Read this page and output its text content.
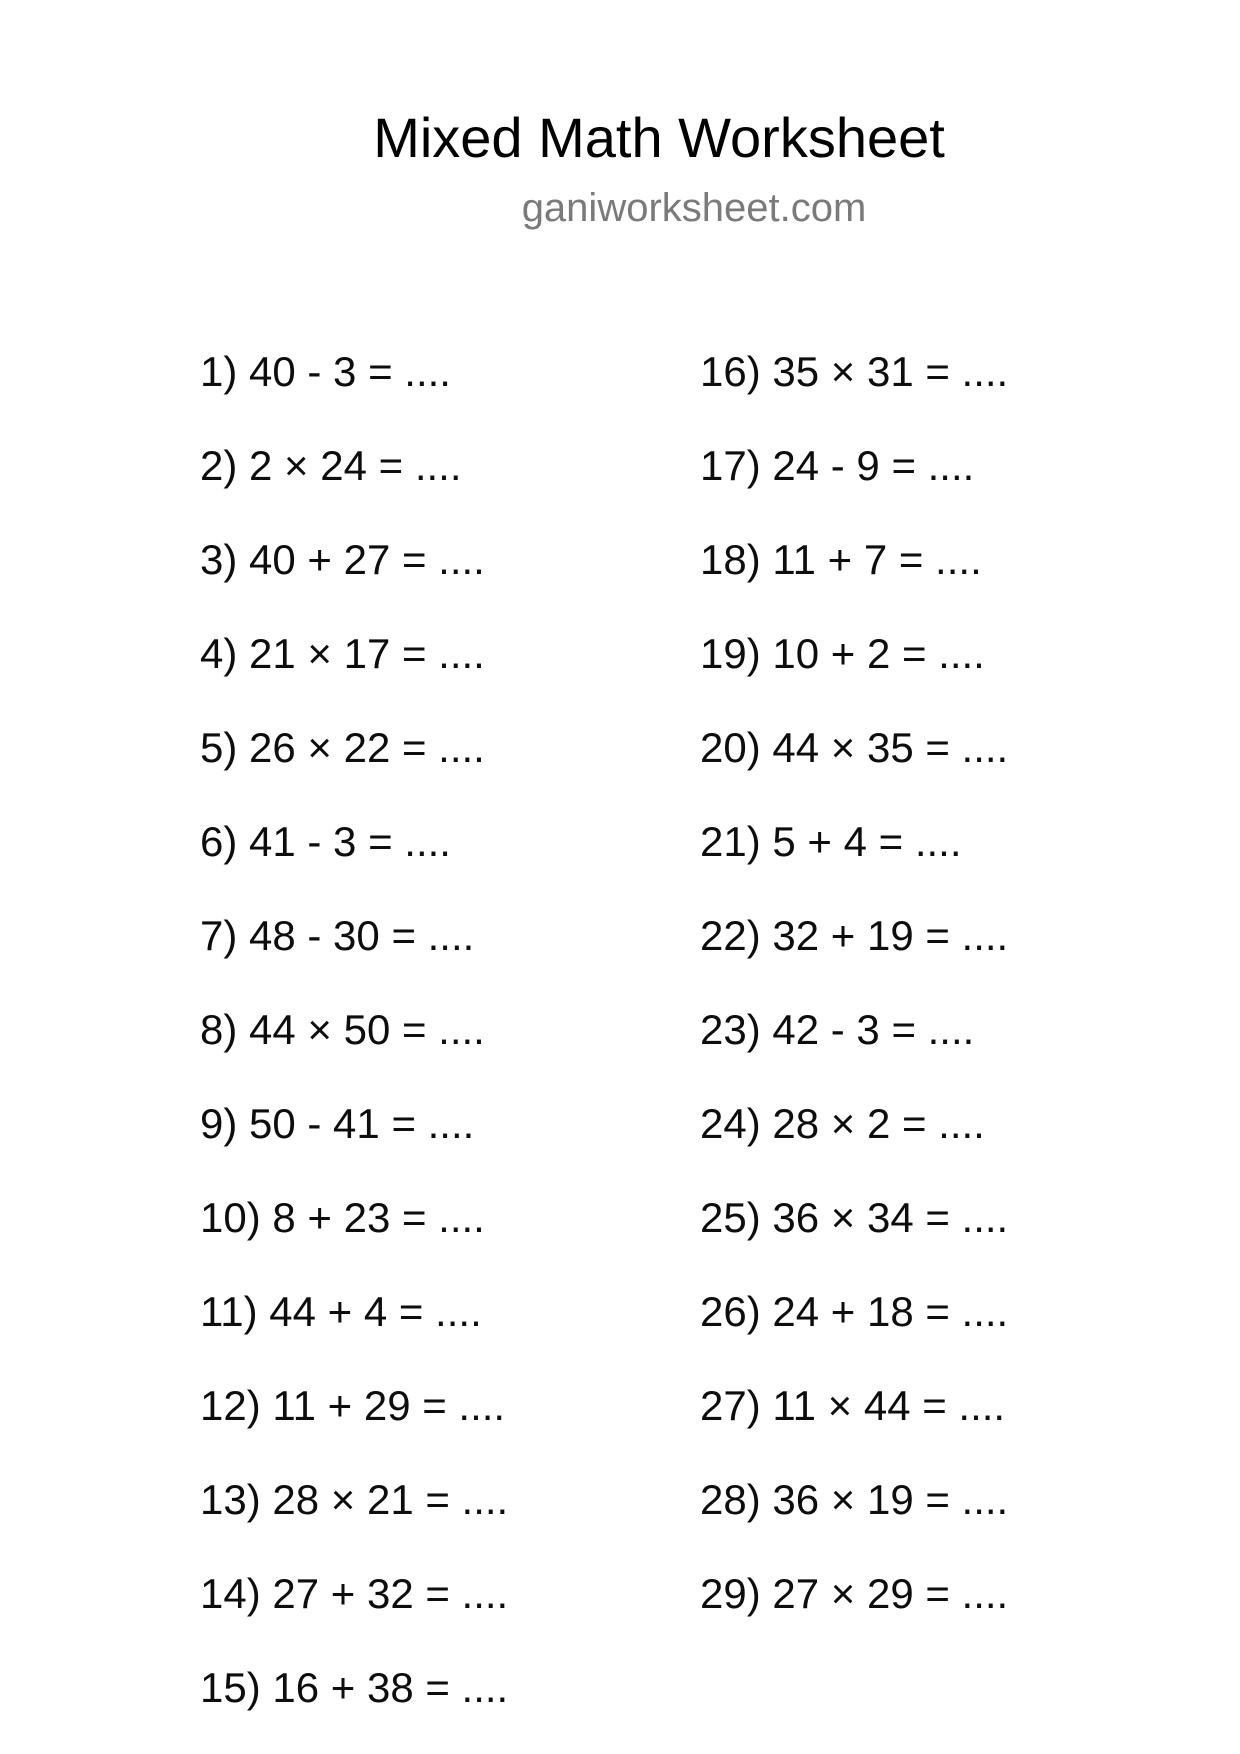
Mixed Math Worksheet
ganiworksheet.com
1) 40 - 3 = ....
2) 2 × 24 = ....
3) 40 + 27 = ....
4) 21 × 17 = ....
5) 26 × 22 = ....
6) 41 - 3 = ....
7) 48 - 30 = ....
8) 44 × 50 = ....
9) 50 - 41 = ....
10) 8 + 23 = ....
11) 44 + 4 = ....
12) 11 + 29 = ....
13) 28 × 21 = ....
14) 27 + 32 = ....
15) 16 + 38 = ....
16) 35 × 31 = ....
17) 24 - 9 = ....
18) 11 + 7 = ....
19) 10 + 2 = ....
20) 44 × 35 = ....
21) 5 + 4 = ....
22) 32 + 19 = ....
23) 42 - 3 = ....
24) 28 × 2 = ....
25) 36 × 34 = ....
26) 24 + 18 = ....
27) 11 × 44 = ....
28) 36 × 19 = ....
29) 27 × 29 = ....
